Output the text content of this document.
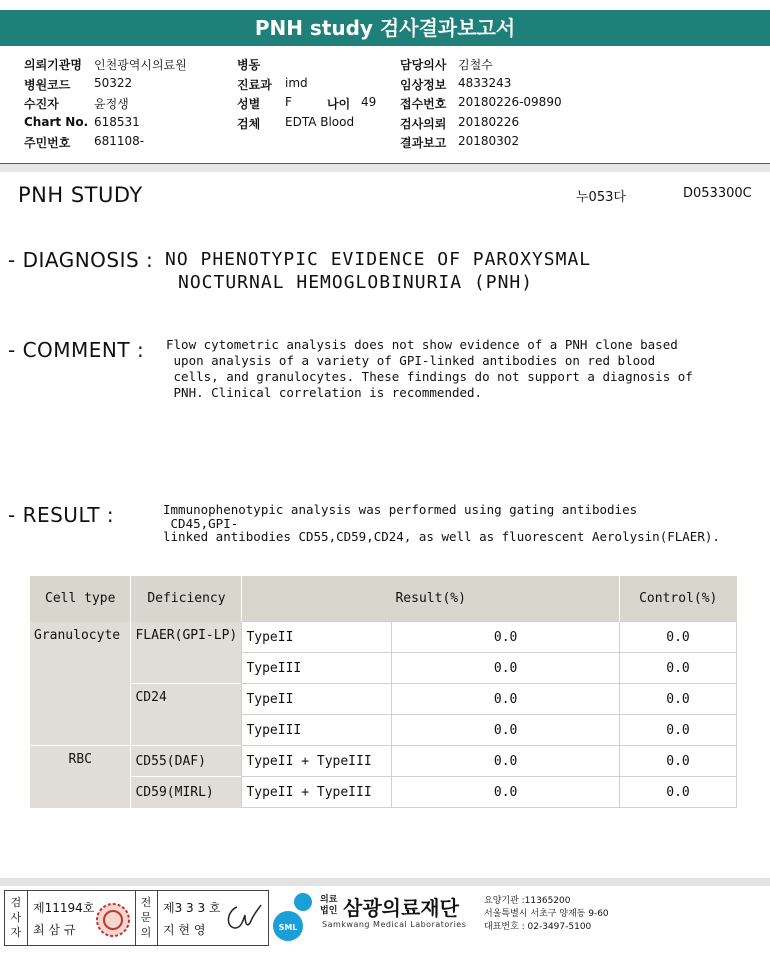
PNH study 검사결과보고서
의뢰기관명 인천광역시의료원
병원코드 50322
수진자	윤정생
Chart No. 618531
주민번호 681108-
병동
진료과 imd
성별 F	나이 49
검체 EDTA Blood
담당의사 김철수
임상정보 4833243
접수번호 20180226-09890
검사의뢰 20180226
결과보고 20180302
PNH STUDY	누053다	D053300C
- DIAGNOSIS : NO PHENOTYPIC EVIDENCE OF PAROXYSMAL
NOCTURNAL HEMOGLOBINURIA (PNH)
- COMMENT : Flow cytometric analysis does not show evidence of a PNH clone based
upon analysis of a variety of GPI-linked antibodies on red blood
cells, and granulocytes. These findings do not support a diagnosis of
PNH. Clinical correlation is recommended.
- RESULT :	Immunophenotypic analysis was performed using gating antibodies
CD45,GPI-
linked antibodies CD55,CD59,CD24, as well as fluorescent Aerolysin(FLAER).
Cell type	Deficiency	Result(%)		Control(%)
Granulocyte	FLAER(GPI-LP)	TypeII	0.0	0.0
		TypeIII	0.0	0.0
	CD24	TypeII	0.0	0.0
		TypeIII	0.0	0.0
RBC	CD55(DAF)	TypeII + TypeIII	0.0	0.0
	CD59(MIRL)	TypeII + TypeIII	0.0	0.0
검사자
제11194호
최 삼 규
전문의
제3 3 3 호
지 현 영	SML
의료
법인 삼광의료재단
Samkwang Medical Laboratories
요양기관 :11365200
서울특별시 서초구 양재동 9-60
대표번호 : 02-3497-5100
